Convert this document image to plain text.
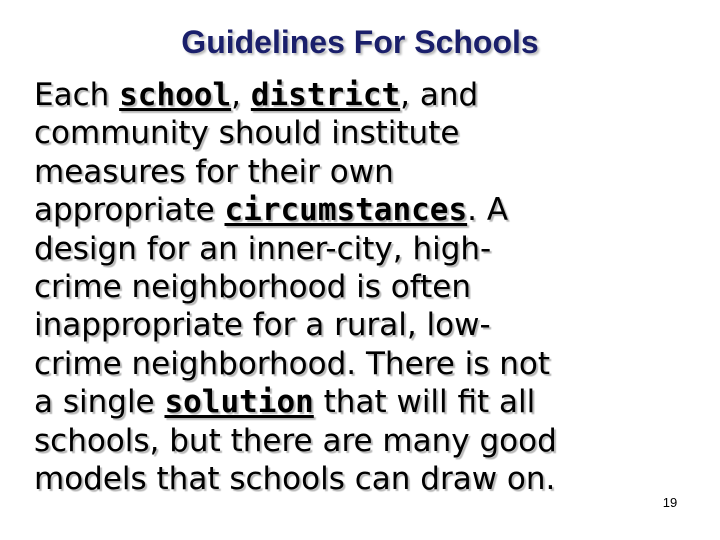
Guidelines For Schools
Each school, district, and
community should institute
measures for their own
appropriate circumstances. A
design for an inner-city, high-
crime neighborhood is often
inappropriate for a rural, low-
crime neighborhood. There is not
a single solution that will fit all
schools, but there are many good
models that schools can draw on.
19
